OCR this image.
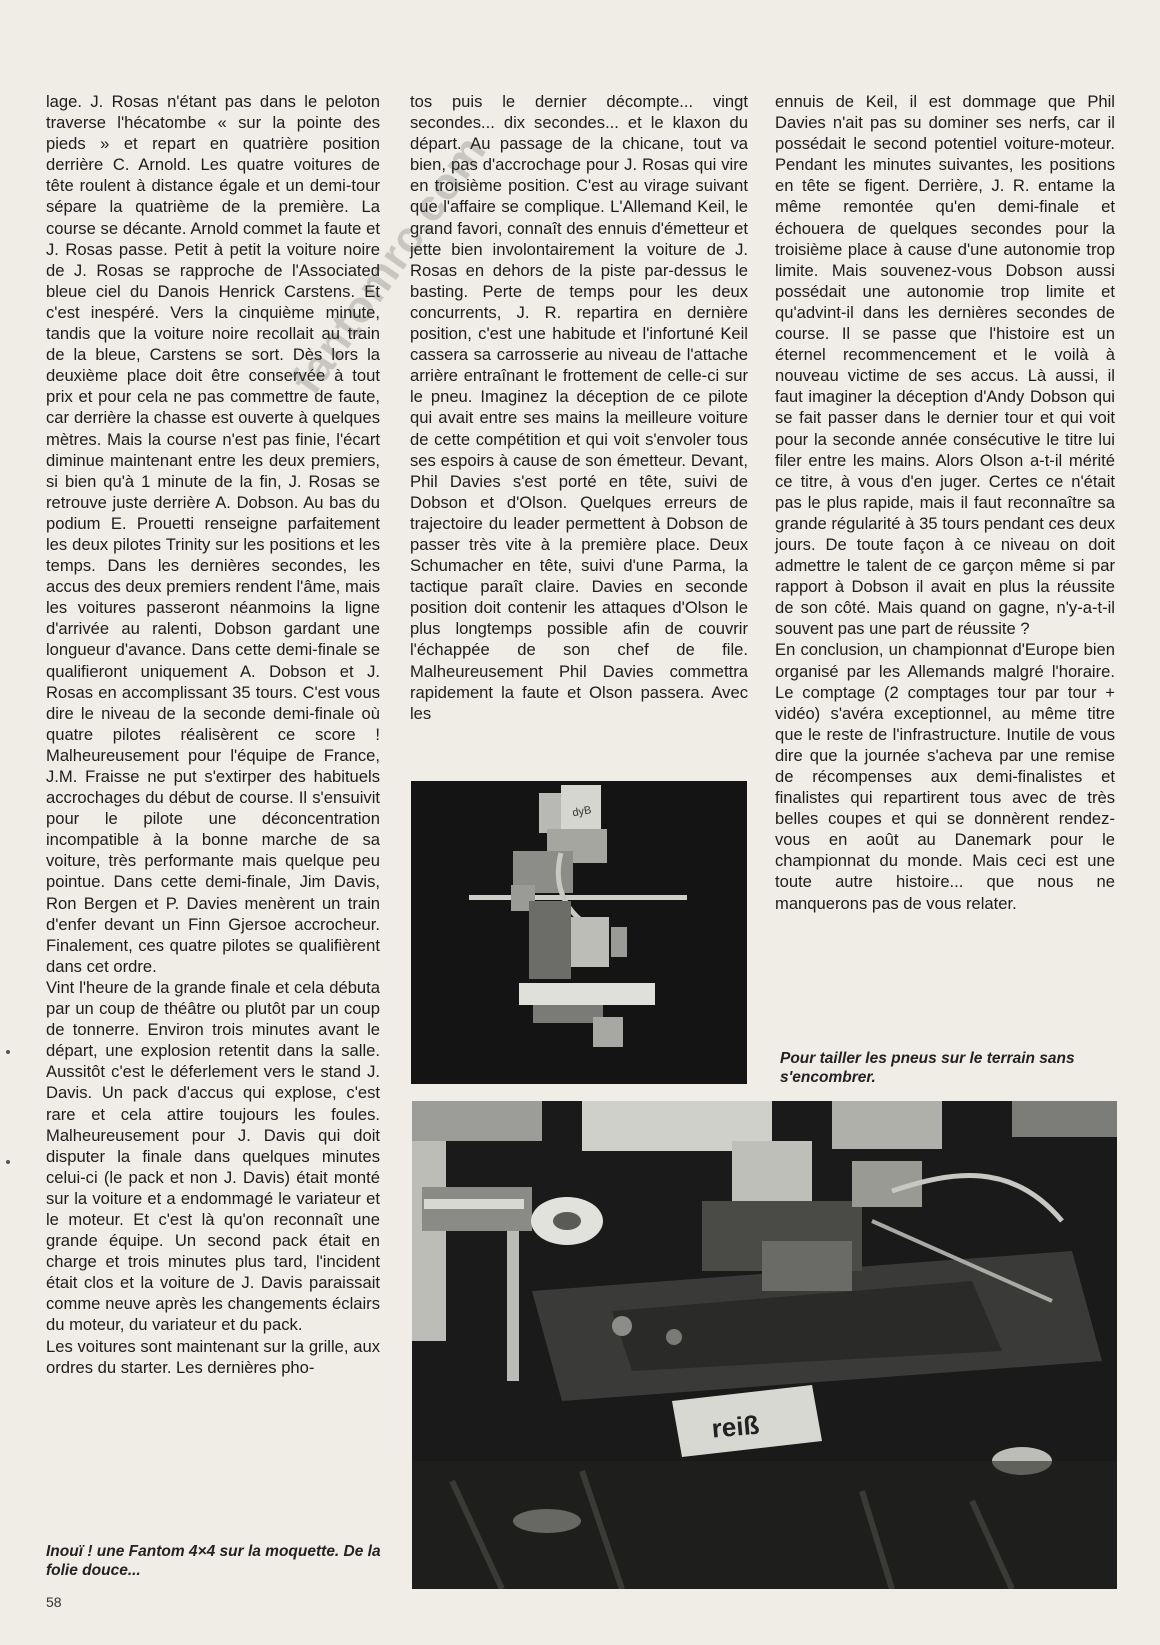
lage. J. Rosas n'étant pas dans le peloton traverse l'hécatombe « sur la pointe des pieds » et repart en quatrière position derrière C. Arnold. Les quatre voitures de tête roulent à distance égale et un demi-tour sépare la quatrième de la première. La course se décante. Arnold commet la faute et J. Rosas passe. Petit à petit la voiture noire de J. Rosas se rapproche de l'Associated bleue ciel du Danois Henrick Carstens. Et c'est inespéré. Vers la cinquième minute, tandis que la voiture noire recollait au train de la bleue, Carstens se sort. Dès lors la deuxième place doit être conservée à tout prix et pour cela ne pas commettre de faute, car derrière la chasse est ouverte à quelques mètres. Mais la course n'est pas finie, l'écart diminue maintenant entre les deux premiers, si bien qu'à 1 minute de la fin, J. Rosas se retrouve juste derrière A. Dobson. Au bas du podium E. Prouetti renseigne parfaitement les deux pilotes Trinity sur les positions et les temps. Dans les dernières secondes, les accus des deux premiers rendent l'âme, mais les voitures passeront néanmoins la ligne d'arrivée au ralenti, Dobson gardant une longueur d'avance. Dans cette demi-finale se qualifieront uniquement A. Dobson et J. Rosas en accomplissant 35 tours. C'est vous dire le niveau de la seconde demi-finale où quatre pilotes réalisèrent ce score ! Malheureusement pour l'équipe de France, J.M. Fraisse ne put s'extirper des habituels accrochages du début de course. Il s'ensuivit pour le pilote une déconcentration incompatible à la bonne marche de sa voiture, très performante mais quelque peu pointue. Dans cette demi-finale, Jim Davis, Ron Bergen et P. Davies menèrent un train d'enfer devant un Finn Gjersoe accrocheur. Finalement, ces quatre pilotes se qualifièrent dans cet ordre.

Vint l'heure de la grande finale et cela débuta par un coup de théâtre ou plutôt par un coup de tonnerre. Environ trois minutes avant le départ, une explosion retentit dans la salle. Aussitôt c'est le déferlement vers le stand J. Davis. Un pack d'accus qui explose, c'est rare et cela attire toujours les foules. Malheureusement pour J. Davis qui doit disputer la finale dans quelques minutes celui-ci (le pack et non J. Davis) était monté sur la voiture et a endommagé le variateur et le moteur. Et c'est là qu'on reconnaît une grande équipe. Un second pack était en charge et trois minutes plus tard, l'incident était clos et la voiture de J. Davis paraissait comme neuve après les changements éclairs du moteur, du variateur et du pack.

Les voitures sont maintenant sur la grille, aux ordres du starter. Les dernières pho-

tos puis le dernier décompte... vingt secondes... dix secondes... et le klaxon du départ. Au passage de la chicane, tout va bien, pas d'accrochage pour J. Rosas qui vire en troisième position. C'est au virage suivant que l'affaire se complique. L'Allemand Keil, le grand favori, connaît des ennuis d'émetteur et jette bien involontairement la voiture de J. Rosas en dehors de la piste par-dessus le basting. Perte de temps pour les deux concurrents, J. R. repartira en dernière position, c'est une habitude et l'infortuné Keil cassera sa carrosserie au niveau de l'attache arrière entraînant le frottement de celle-ci sur le pneu. Imaginez la déception de ce pilote qui avait entre ses mains la meilleure voiture de cette compétition et qui voit s'envoler tous ses espoirs à cause de son émetteur. Devant, Phil Davies s'est porté en tête, suivi de Dobson et d'Olson. Quelques erreurs de trajectoire du leader permettent à Dobson de passer très vite à la première place. Deux Schumacher en tête, suivi d'une Parma, la tactique paraît claire. Davies en seconde position doit contenir les attaques d'Olson le plus longtemps possible afin de couvrir l'échappée de son chef de file. Malheureusement Phil Davies commettra rapidement la faute et Olson passera. Avec les

ennuis de Keil, il est dommage que Phil Davies n'ait pas su dominer ses nerfs, car il possédait le second potentiel voiture-moteur. Pendant les minutes suivantes, les positions en tête se figent. Derrière, J. R. entame la même remontée qu'en demi-finale et échouera de quelques secondes pour la troisième place à cause d'une autonomie trop limite. Mais souvenez-vous Dobson aussi possédait une autonomie trop limite et qu'advint-il dans les dernières secondes de course. Il se passe que l'histoire est un éternel recommencement et le voilà à nouveau victime de ses accus. Là aussi, il faut imaginer la déception d'Andy Dobson qui se fait passer dans le dernier tour et qui voit pour la seconde année consécutive le titre lui filer entre les mains. Alors Olson a-t-il mérité ce titre, à vous d'en juger. Certes ce n'était pas le plus rapide, mais il faut reconnaître sa grande régularité à 35 tours pendant ces deux jours. De toute façon à ce niveau on doit admettre le talent de ce garçon même si par rapport à Dobson il avait en plus la réussite de son côté. Mais quand on gagne, n'y-a-t-il souvent pas une part de réussite ?

En conclusion, un championnat d'Europe bien organisé par les Allemands malgré l'horaire. Le comptage (2 comptages tour par tour + vidéo) s'avéra exceptionnel, au même titre que le reste de l'infrastructure. Inutile de vous dire que la journée s'acheva par une remise de récompenses aux demi-finalistes et finalistes qui repartirent tous avec de très belles coupes et qui se donnèrent rendez-vous en août au Danemark pour le championnat du monde. Mais ceci est une toute autre histoire... que nous ne manquerons pas de vous relater.

dyB
Pour tailler les pneus sur le terrain sans s'encombrer.
reiß
Inouï ! une Fantom 4×4 sur la moquette. De la folie douce...
58
fantomrc.com
